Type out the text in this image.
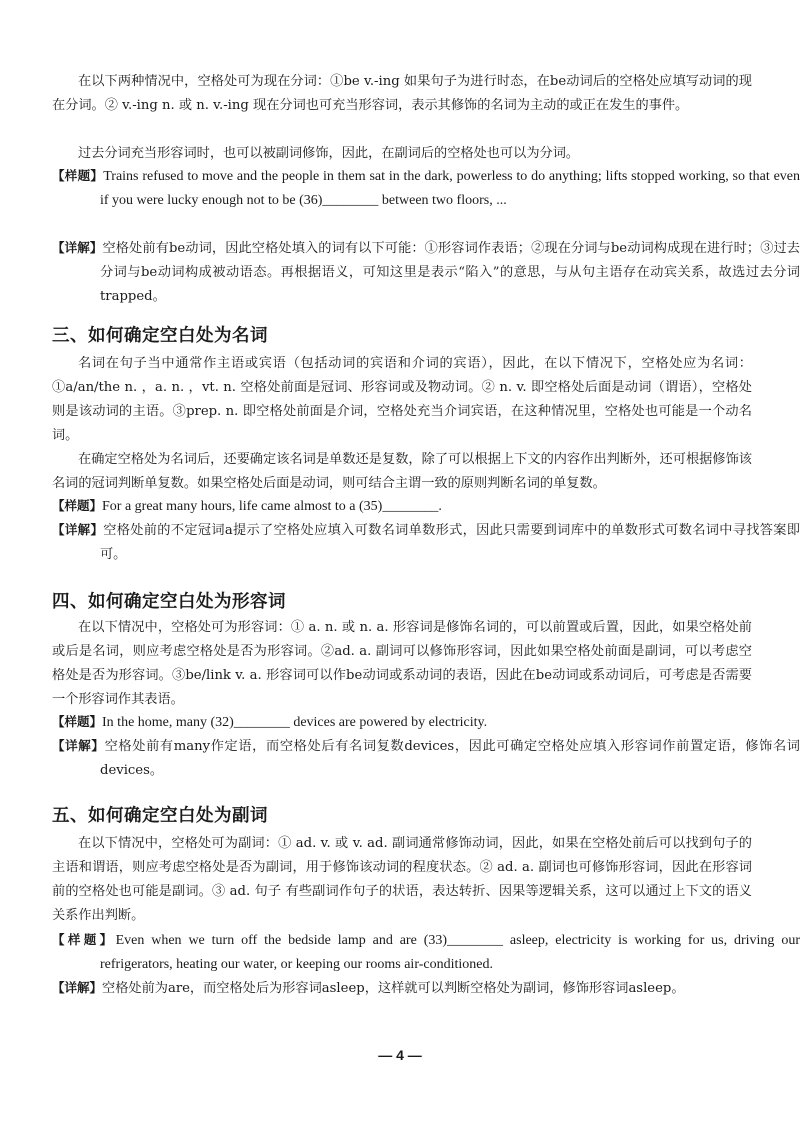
在以下两种情况中，空格处可为现在分词：①be v.-ing 如果句子为进行时态，在be动词后的空格处应填写动词的现在分词。② v.-ing n. 或 n. v.-ing 现在分词也可充当形容词，表示其修饰的名词为主动的或正在发生的事件。

过去分词充当形容词时，也可以被副词修饰，因此，在副词后的空格处也可以为分词。

【样题】Trains refused to move and the people in them sat in the dark, powerless to do anything; lifts stopped working, so that even if you were lucky enough not to be (36)________ between two floors, ...
【详解】空格处前有be动词，因此空格处填入的词有以下可能：①形容词作表语；②现在分词与be动词构成现在进行时；③过去分词与be动词构成被动语态。再根据语义，可知这里是表示“陷入”的意思，与从句主语存在动宾关系，故选过去分词trapped。
三、如何确定空白处为名词

名词在句子当中通常作主语或宾语（包括动词的宾语和介词的宾语），因此，在以下情况下，空格处应为名词：①a/an/the n. ，a. n. ，vt. n. 空格处前面是冠词、形容词或及物动词。② n. v. 即空格处后面是动词（谓语），空格处则是该动词的主语。③prep. n. 即空格处前面是介词，空格处充当介词宾语，在这种情况里，空格处也可能是一个动名词。

在确定空格处为名词后，还要确定该名词是单数还是复数，除了可以根据上下文的内容作出判断外，还可根据修饰该名词的冠词判断单复数。如果空格处后面是动词，则可结合主谓一致的原则判断名词的单复数。

【样题】For a great many hours, life came almost to a (35)________.
【详解】空格处前的不定冠词a提示了空格处应填入可数名词单数形式，因此只需要到词库中的单数形式可数名词中寻找答案即可。
四、如何确定空白处为形容词

在以下情况中，空格处可为形容词：① a. n. 或 n. a. 形容词是修饰名词的，可以前置或后置，因此，如果空格处前或后是名词，则应考虑空格处是否为形容词。②ad. a. 副词可以修饰形容词，因此如果空格处前面是副词，可以考虑空格处是否为形容词。③be/link v. a. 形容词可以作be动词或系动词的表语，因此在be动词或系动词后，可考虑是否需要一个形容词作其表语。

【样题】In the home, many (32)________ devices are powered by electricity.
【详解】空格处前有many作定语，而空格处后有名词复数devices，因此可确定空格处应填入形容词作前置定语，修饰名词devices。
五、如何确定空白处为副词

在以下情况中，空格处可为副词：① ad. v. 或 v. ad. 副词通常修饰动词，因此，如果在空格处前后可以找到句子的主语和谓语，则应考虑空格处是否为副词，用于修饰该动词的程度状态。② ad. a. 副词也可修饰形容词，因此在形容词前的空格处也可能是副词。③ ad. 句子 有些副词作句子的状语，表达转折、因果等逻辑关系，这可以通过上下文的语义关系作出判断。

【样题】Even when we turn off the bedside lamp and are (33)________ asleep, electricity is working for us, driving our refrigerators, heating our water, or keeping our rooms air-conditioned.
【详解】空格处前为are，而空格处后为形容词asleep，这样就可以判断空格处为副词，修饰形容词asleep。
— 4 —
